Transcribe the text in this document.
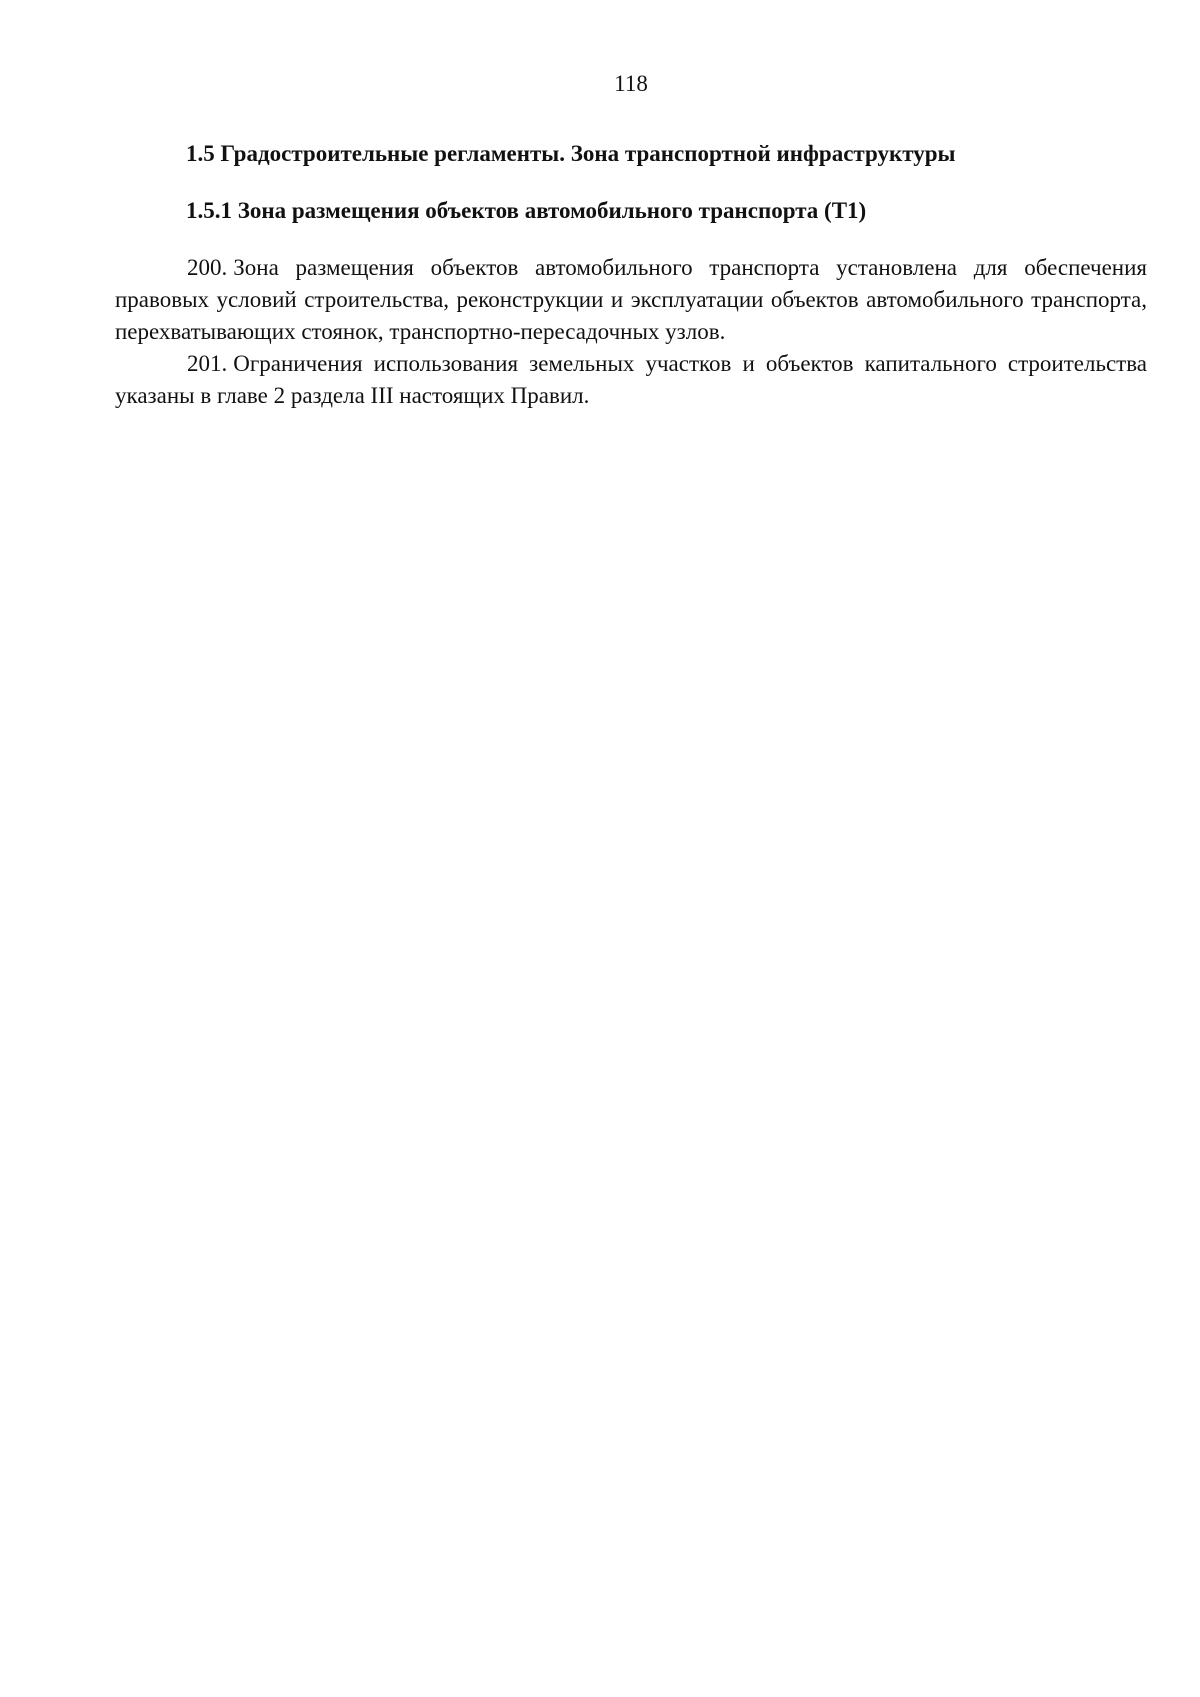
118
1.5 Градостроительные регламенты. Зона транспортной инфраструктуры
1.5.1 Зона размещения объектов автомобильного транспорта (Т1)

200. Зона размещения объектов автомобильного транспорта установлена для обеспечения правовых условий строительства, реконструкции и эксплуатации объектов автомобильного транспорта, перехватывающих стоянок, транспортно-пересадочных узлов.

201. Ограничения использования земельных участков и объектов капитального строительства указаны в главе 2 раздела III настоящих Правил.
